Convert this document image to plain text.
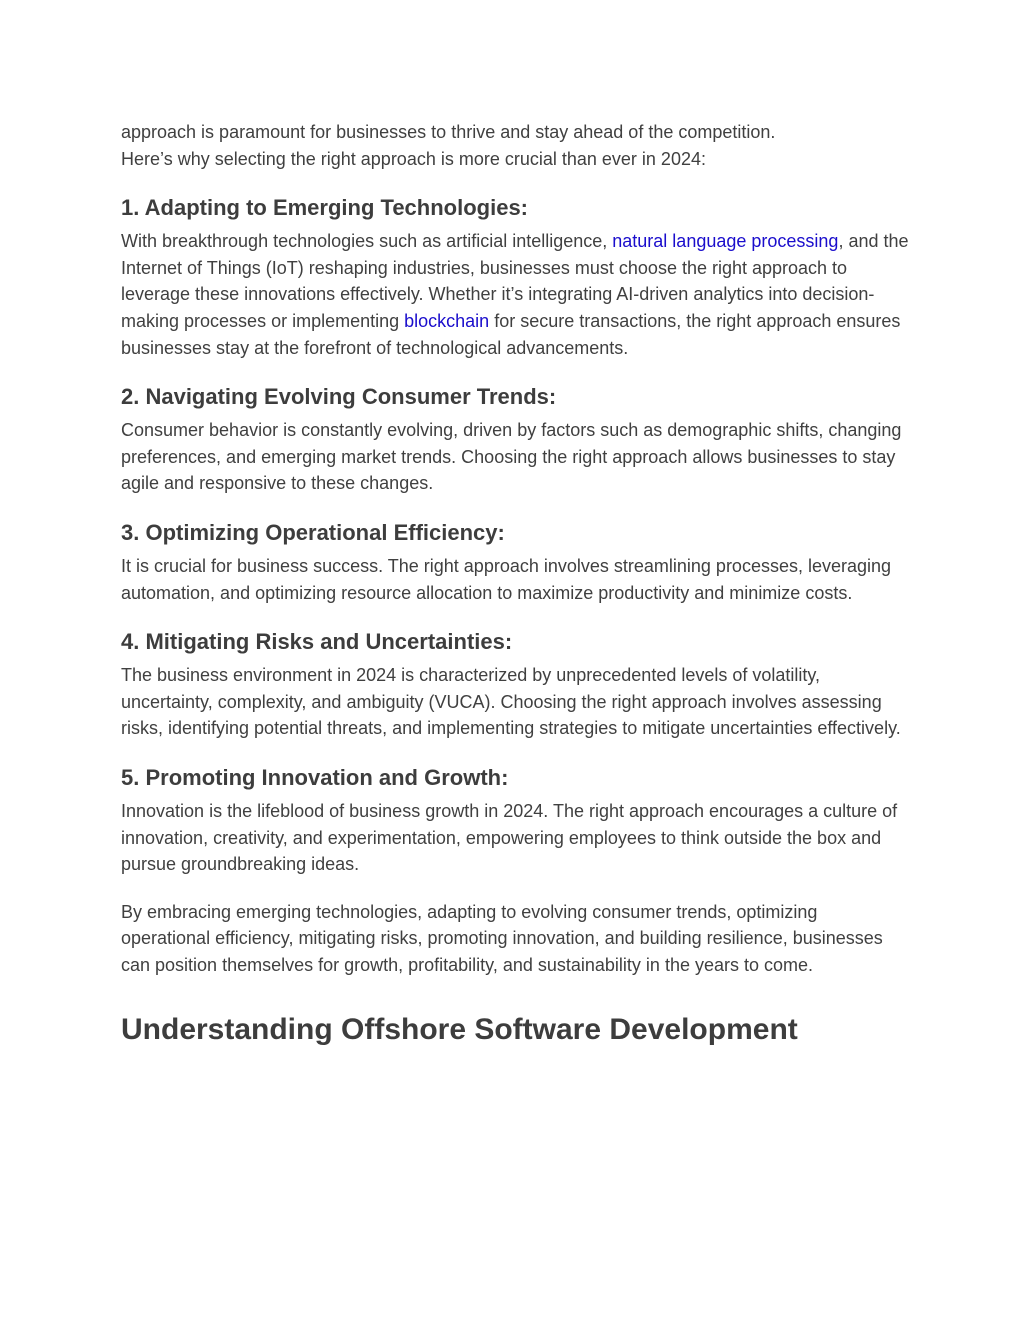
approach is paramount for businesses to thrive and stay ahead of the competition.
Here’s why selecting the right approach is more crucial than ever in 2024:

1. Adapting to Emerging Technologies:

With breakthrough technologies such as artificial intelligence, natural language processing, and the Internet of Things (IoT) reshaping industries, businesses must choose the right approach to leverage these innovations effectively. Whether it’s integrating AI-driven analytics into decision-making processes or implementing blockchain for secure transactions, the right approach ensures businesses stay at the forefront of technological advancements.

2. Navigating Evolving Consumer Trends:

Consumer behavior is constantly evolving, driven by factors such as demographic shifts, changing preferences, and emerging market trends. Choosing the right approach allows businesses to stay agile and responsive to these changes.

3. Optimizing Operational Efficiency:

It is crucial for business success. The right approach involves streamlining processes, leveraging automation, and optimizing resource allocation to maximize productivity and minimize costs.

4. Mitigating Risks and Uncertainties:

The business environment in 2024 is characterized by unprecedented levels of volatility, uncertainty, complexity, and ambiguity (VUCA). Choosing the right approach involves assessing risks, identifying potential threats, and implementing strategies to mitigate uncertainties effectively.

5. Promoting Innovation and Growth:

Innovation is the lifeblood of business growth in 2024. The right approach encourages a culture of innovation, creativity, and experimentation, empowering employees to think outside the box and pursue groundbreaking ideas.

By embracing emerging technologies, adapting to evolving consumer trends, optimizing operational efficiency, mitigating risks, promoting innovation, and building resilience, businesses can position themselves for growth, profitability, and sustainability in the years to come.

Understanding Offshore Software Development
